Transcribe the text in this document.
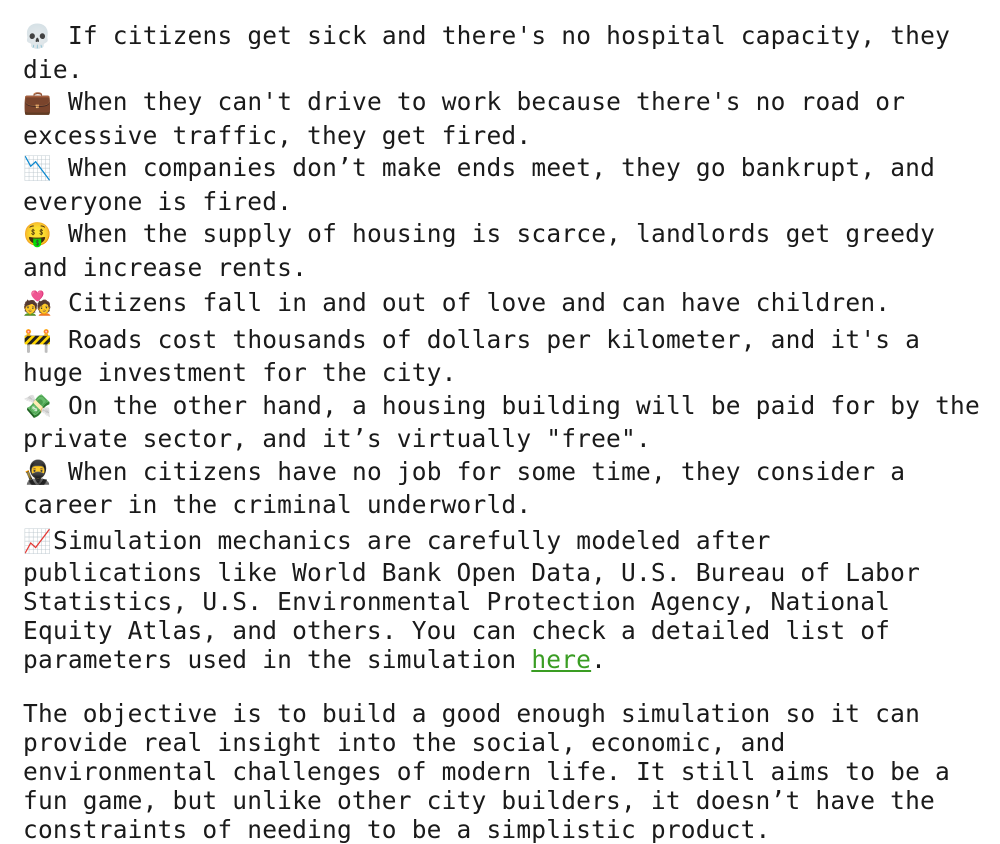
💀 If citizens get sick and there's no hospital capacity, they die.

💼 When they can't drive to work because there's no road or excessive traffic, they get fired.

📉 When companies don’t make ends meet, they go bankrupt, and everyone is fired.

🤑 When the supply of housing is scarce, landlords get greedy and increase rents.

💑 Citizens fall in and out of love and can have children.

🚧 Roads cost thousands of dollars per kilometer, and it's a huge investment for the city.

💸 On the other hand, a housing building will be paid for by the private sector, and it’s virtually "free".

🥷 When citizens have no job for some time, they consider a career in the criminal underworld.

📈Simulation mechanics are carefully modeled after
publications like World Bank Open Data, U.S. Bureau of Labor Statistics, U.S. Environmental Protection Agency, National Equity Atlas, and others. You can check a detailed list of parameters used in the simulation here.

The objective is to build a good enough simulation so it can provide real insight into the social, economic, and environmental challenges of modern life. It still aims to be a fun game, but unlike other city builders, it doesn’t have the constraints of needing to be a simplistic product.
